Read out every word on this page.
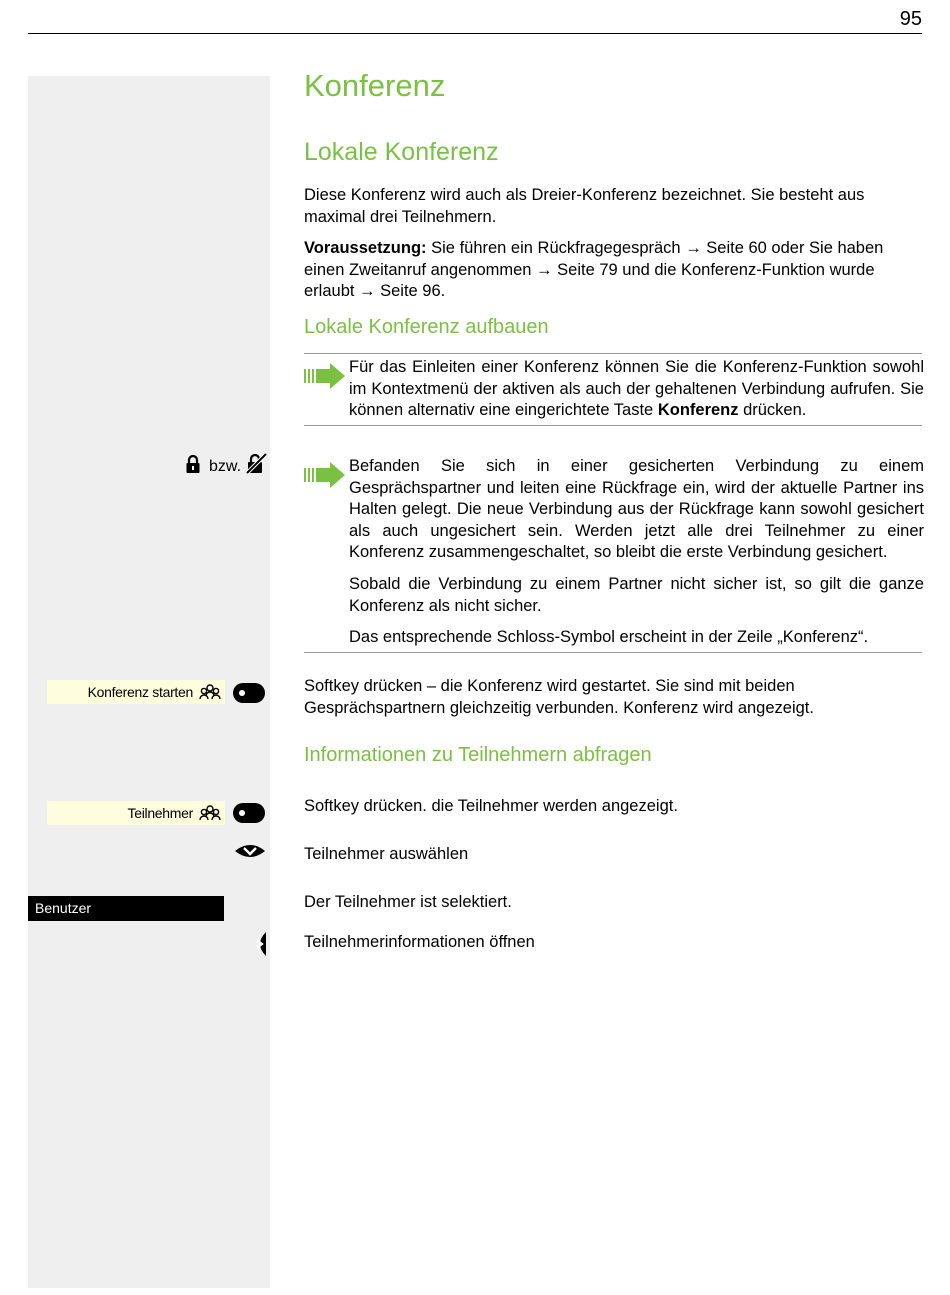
95
Konferenz
Lokale Konferenz
Diese Konferenz wird auch als Dreier-Konferenz bezeichnet. Sie besteht aus maximal drei Teilnehmern.
Voraussetzung: Sie führen ein Rückfragegespräch → Seite 60 oder Sie haben einen Zweitanruf angenommen → Seite 79 und die Konferenz-Funktion wurde erlaubt → Seite 96.
Lokale Konferenz aufbauen
Für das Einleiten einer Konferenz können Sie die Konferenz-Funktion sowohl im Kontextmenü der aktiven als auch der gehaltenen Verbindung aufrufen. Sie können alternativ eine eingerichtete Taste Konferenz drücken.
bzw.	Befanden Sie sich in einer gesicherten Verbindung zu einem Gesprächspartner und leiten eine Rückfrage ein, wird der aktuelle Partner ins Halten gelegt. Die neue Verbindung aus der Rückfrage kann sowohl gesichert als auch ungesichert sein. Werden jetzt alle drei Teilnehmer zu einer Konferenz zusammengeschaltet, so bleibt die erste Verbindung gesichert.
Sobald die Verbindung zu einem Partner nicht sicher ist, so gilt die ganze Konferenz als nicht sicher.
Das entsprechende Schloss-Symbol erscheint in der Zeile „Konferenz“.
Konferenz starten	Softkey drücken – die Konferenz wird gestartet. Sie sind mit beiden Gesprächspartnern gleichzeitig verbunden. Konferenz wird angezeigt.
Informationen zu Teilnehmern abfragen
Teilnehmer	Softkey drücken. die Teilnehmer werden angezeigt.
Teilnehmer auswählen
Benutzer	Der Teilnehmer ist selektiert.
Teilnehmerinformationen öffnen
